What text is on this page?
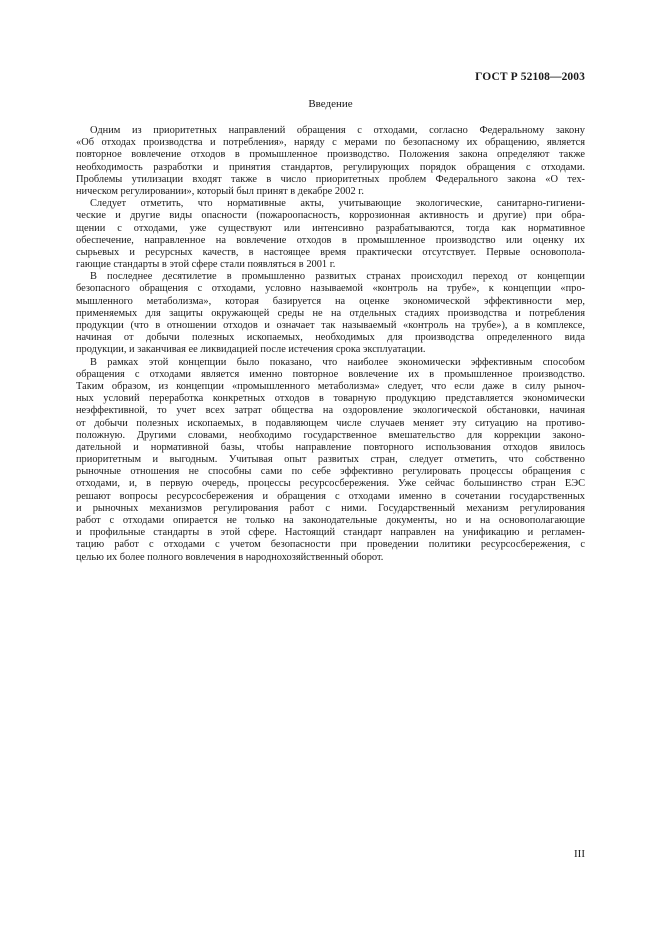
ГОСТ Р 52108—2003
Введение
Одним из приоритетных направлений обращения с отходами, согласно Федеральному закону
«Об отходах производства и потребления», наряду с мерами по безопасному их обращению, является
повторное вовлечение отходов в промышленное производство. Положения закона определяют также
необходимость разработки и принятия стандартов, регулирующих порядок обращения с отходами.
Проблемы утилизации входят также в число приоритетных проблем Федерального закона «О тех-
ническом регулировании», который был принят в декабре 2002 г.
Следует отметить, что нормативные акты, учитывающие экологические, санитарно-гигиени-
ческие и другие виды опасности (пожароопасность, коррозионная активность и другие) при обра-
щении с отходами, уже существуют или интенсивно разрабатываются, тогда как нормативное
обеспечение, направленное на вовлечение отходов в промышленное производство или оценку их
сырьевых и ресурсных качеств, в настоящее время практически отсутствует. Первые основопола-
гающие стандарты в этой сфере стали появляться в 2001 г.
В последнее десятилетие в промышленно развитых странах происходил переход от концепции
безопасного обращения с отходами, условно называемой «контроль на трубе», к концепции «про-
мышленного метаболизма», которая базируется на оценке экономической эффективности мер,
применяемых для защиты окружающей среды не на отдельных стадиях производства и потребления
продукции (что в отношении отходов и означает так называемый «контроль на трубе»), а в комплексе,
начиная от добычи полезных ископаемых, необходимых для производства определенного вида
продукции, и заканчивая ее ликвидацией после истечения срока эксплуатации.
В рамках этой концепции было показано, что наиболее экономически эффективным способом
обращения с отходами является именно повторное вовлечение их в промышленное производство.
Таким образом, из концепции «промышленного метаболизма» следует, что если даже в силу рыноч-
ных условий переработка конкретных отходов в товарную продукцию представляется экономически
неэффективной, то учет всех затрат общества на оздоровление экологической обстановки, начиная
от добычи полезных ископаемых, в подавляющем числе случаев меняет эту ситуацию на противо-
положную. Другими словами, необходимо государственное вмешательство для коррекции законо-
дательной и нормативной базы, чтобы направление повторного использования отходов явилось
приоритетным и выгодным. Учитывая опыт развитых стран, следует отметить, что собственно
рыночные отношения не способны сами по себе эффективно регулировать процессы обращения с
отходами, и, в первую очередь, процессы ресурсосбережения. Уже сейчас большинство стран ЕЭС
решают вопросы ресурсосбережения и обращения с отходами именно в сочетании государственных
и рыночных механизмов регулирования работ с ними. Государственный механизм регулирования
работ с отходами опирается не только на законодательные документы, но и на основополагающие
и профильные стандарты в этой сфере. Настоящий стандарт направлен на унификацию и регламен-
тацию работ с отходами с учетом безопасности при проведении политики ресурсосбережения, с
целью их более полного вовлечения в народнохозяйственный оборот.
III
